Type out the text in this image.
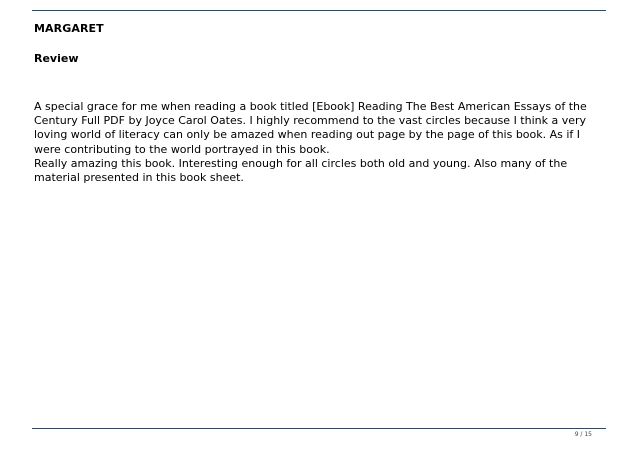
MARGARET
Review

A special grace for me when reading a book titled [Ebook] Reading The Best American Essays of the Century Full PDF by Joyce Carol Oates. I highly recommend to the vast circles because I think a very loving world of literacy can only be amazed when reading out page by the page of this book. As if I were contributing to the world portrayed in this book.

Really amazing this book. Interesting enough for all circles both old and young. Also many of the material presented in this book sheet.

9 / 15
